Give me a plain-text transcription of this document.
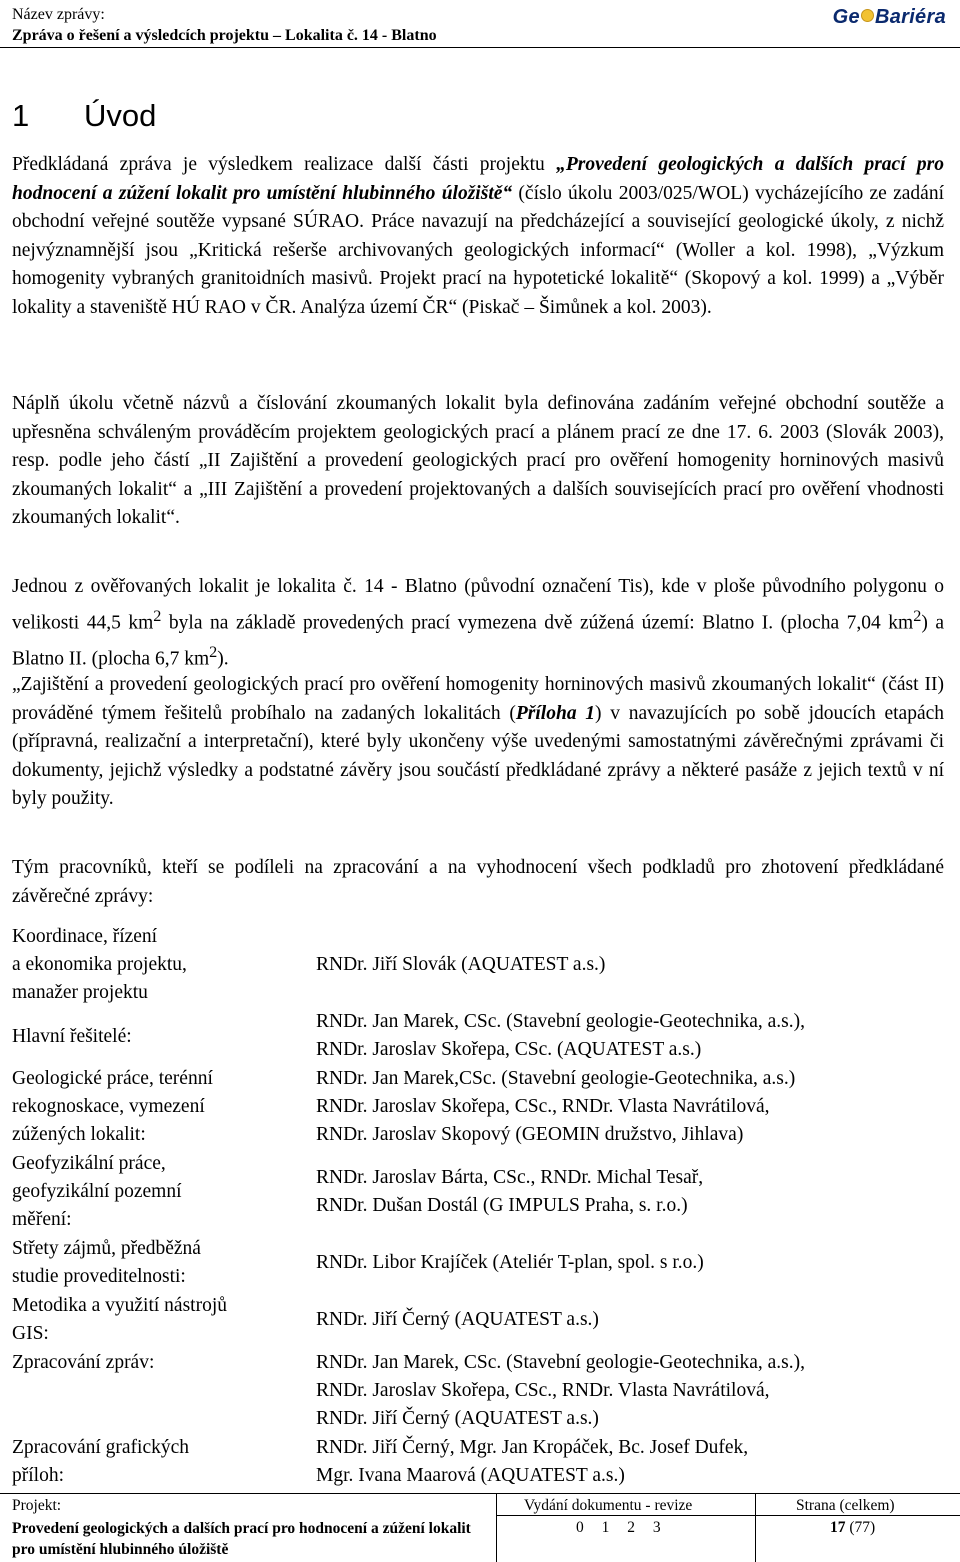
Název zprávy:
Zpráva o řešení a výsledcích projektu – Lokalita č. 14 - Blatno
Ge Bariéra
1 Úvod

Předkládaná zpráva je výsledkem realizace další části projektu „Provedení geologických a dalších prací pro hodnocení a zúžení lokalit pro umístění hlubinného úložiště“ (číslo úkolu 2003/025/WOL) vycházejícího ze zadání obchodní veřejné soutěže vypsané SÚRAO. Práce navazují na předcházející a související geologické úkoly, z nichž nejvýznamnější jsou „Kritická rešerše archivovaných geologických informací“ (Woller a kol. 1998), „Výzkum homogenity vybraných granitoidních masivů. Projekt prací na hypotetické lokalitě“ (Skopový a kol. 1999) a „Výběr lokality a staveniště HÚ RAO v ČR. Analýza území ČR“ (Piskač – Šimůnek a kol. 2003).

Náplň úkolu včetně názvů a číslování zkoumaných lokalit byla definována zadáním veřejné obchodní soutěže a upřesněna schváleným prováděcím projektem geologických prací a plánem prací ze dne 17. 6. 2003 (Slovák 2003), resp. podle jeho částí „II Zajištění a provedení geologických prací pro ověření homogenity horninových masivů zkoumaných lokalit“ a „III Zajištění a provedení projektovaných a dalších souvisejících prací pro ověření vhodnosti zkoumaných lokalit“.

Jednou z ověřovaných lokalit je lokalita č. 14 - Blatno (původní označení Tis), kde v ploše původního polygonu o velikosti 44,5 $km^2$ byla na základě provedených prací vymezena dvě zúžená území: Blatno I. (plocha 7,04 $km^2$) a Blatno II. (plocha 6,7 $km^2$).

„Zajištění a provedení geologických prací pro ověření homogenity horninových masivů zkoumaných lokalit“ (část II) prováděné týmem řešitelů probíhalo na zadaných lokalitách (Příloha 1) v navazujících po sobě jdoucích etapách (přípravná, realizační a interpretační), které byly ukončeny výše uvedenými samostatnými závěrečnými zprávami či dokumenty, jejichž výsledky a podstatné závěry jsou součástí předkládané zprávy a některé pasáže z jejich textů v ní byly použity.

Tým pracovníků, kteří se podíleli na zpracování a na vyhodnocení všech podkladů pro zhotovení předkládané závěrečné zprávy:

Koordinace, řízení
a ekonomika projektu,
manažer projektu
RNDr. Jiří Slovák (AQUATEST a.s.)
Hlavní řešitelé:
RNDr. Jan Marek, CSc. (Stavební geologie-Geotechnika, a.s.),
RNDr. Jaroslav Skořepa, CSc. (AQUATEST a.s.)
Geologické práce, terénní
rekognoskace, vymezení
zúžených lokalit:
RNDr. Jan Marek,CSc. (Stavební geologie-Geotechnika, a.s.)
RNDr. Jaroslav Skořepa, CSc., RNDr. Vlasta Navrátilová,
RNDr. Jaroslav Skopový (GEOMIN družstvo, Jihlava)
Geofyzikální práce,
geofyzikální pozemní
měření:
RNDr. Jaroslav Bárta, CSc., RNDr. Michal Tesař,
RNDr. Dušan Dostál (G IMPULS Praha, s. r.o.)
Střety zájmů, předběžná
studie proveditelnosti:
RNDr. Libor Krajíček (Ateliér T-plan, spol. s r.o.)
Metodika a využití nástrojů
GIS:
RNDr. Jiří Černý (AQUATEST a.s.)
Zpracování zpráv:	RNDr. Jan Marek, CSc. (Stavební geologie-Geotechnika, a.s.),
RNDr. Jaroslav Skořepa, CSc., RNDr. Vlasta Navrátilová,
RNDr. Jiří Černý (AQUATEST a.s.)
Zpracování grafických
příloh:
RNDr. Jiří Černý, Mgr. Jan Kropáček, Bc. Josef Dufek,
Mgr. Ivana Maarová (AQUATEST a.s.)
Projekt:
Provedení geologických a dalších prací pro hodnocení a zúžení lokalit pro umístění hlubinného úložiště
Vydání dokumentu - revize
0 1 2 3
Strana (celkem)
17 (77)
